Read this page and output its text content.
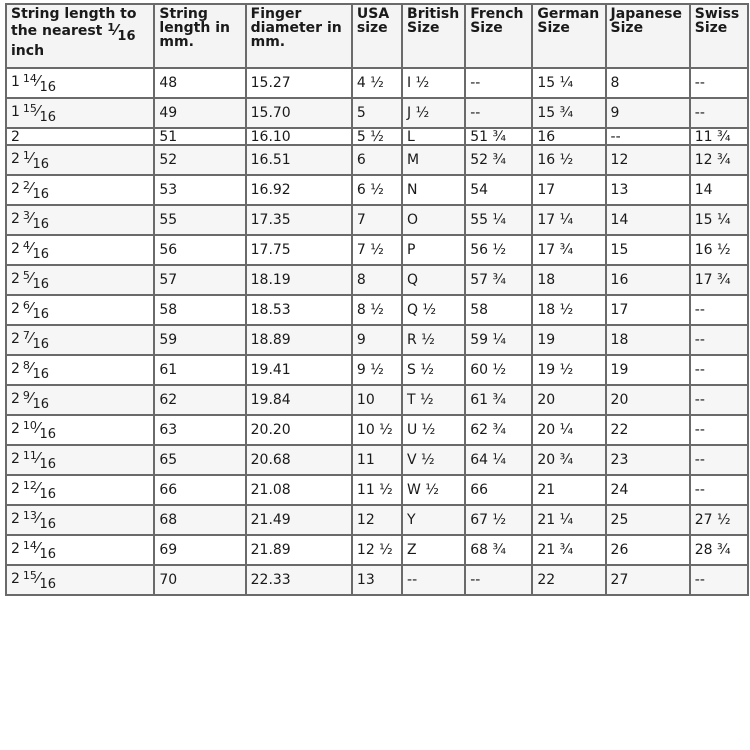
String length to the nearest $^1⁄_{16}$ inch	String length in mm.	Finger diameter in mm.	USA size	British Size	French Size	German Size	Japanese Size	Swiss Size
1 $^{14}⁄_{16}$	48	15.27	4 ½	I ½	--	15 ¼	8	--
1 $^{15}⁄_{16}$	49	15.70	5	J ½	--	15 ¾	9	--
2	51	16.10	5 ½	L	51 ¾	16	--	11 ¾
2 $^1⁄_{16}$	52	16.51	6	M	52 ¾	16 ½	12	12 ¾
2 $^2⁄_{16}$	53	16.92	6 ½	N	54	17	13	14
2 $^3⁄_{16}$	55	17.35	7	O	55 ¼	17 ¼	14	15 ¼
2 $^4⁄_{16}$	56	17.75	7 ½	P	56 ½	17 ¾	15	16 ½
2 $^5⁄_{16}$	57	18.19	8	Q	57 ¾	18	16	17 ¾
2 $^6⁄_{16}$	58	18.53	8 ½	Q ½	58	18 ½	17	--
2 $^7⁄_{16}$	59	18.89	9	R ½	59 ¼	19	18	--
2 $^8⁄_{16}$	61	19.41	9 ½	S ½	60 ½	19 ½	19	--
2 $^9⁄_{16}$	62	19.84	10	T ½	61 ¾	20	20	--
2 $^{10}⁄_{16}$	63	20.20	10 ½	U ½	62 ¾	20 ¼	22	--
2 $^{11}⁄_{16}$	65	20.68	11	V ½	64 ¼	20 ¾	23	--
2 $^{12}⁄_{16}$	66	21.08	11 ½	W ½	66	21	24	--
2 $^{13}⁄_{16}$	68	21.49	12	Y	67 ½	21 ¼	25	27 ½
2 $^{14}⁄_{16}$	69	21.89	12 ½	Z	68 ¾	21 ¾	26	28 ¾
2 $^{15}⁄_{16}$	70	22.33	13	--	--	22	27	--
